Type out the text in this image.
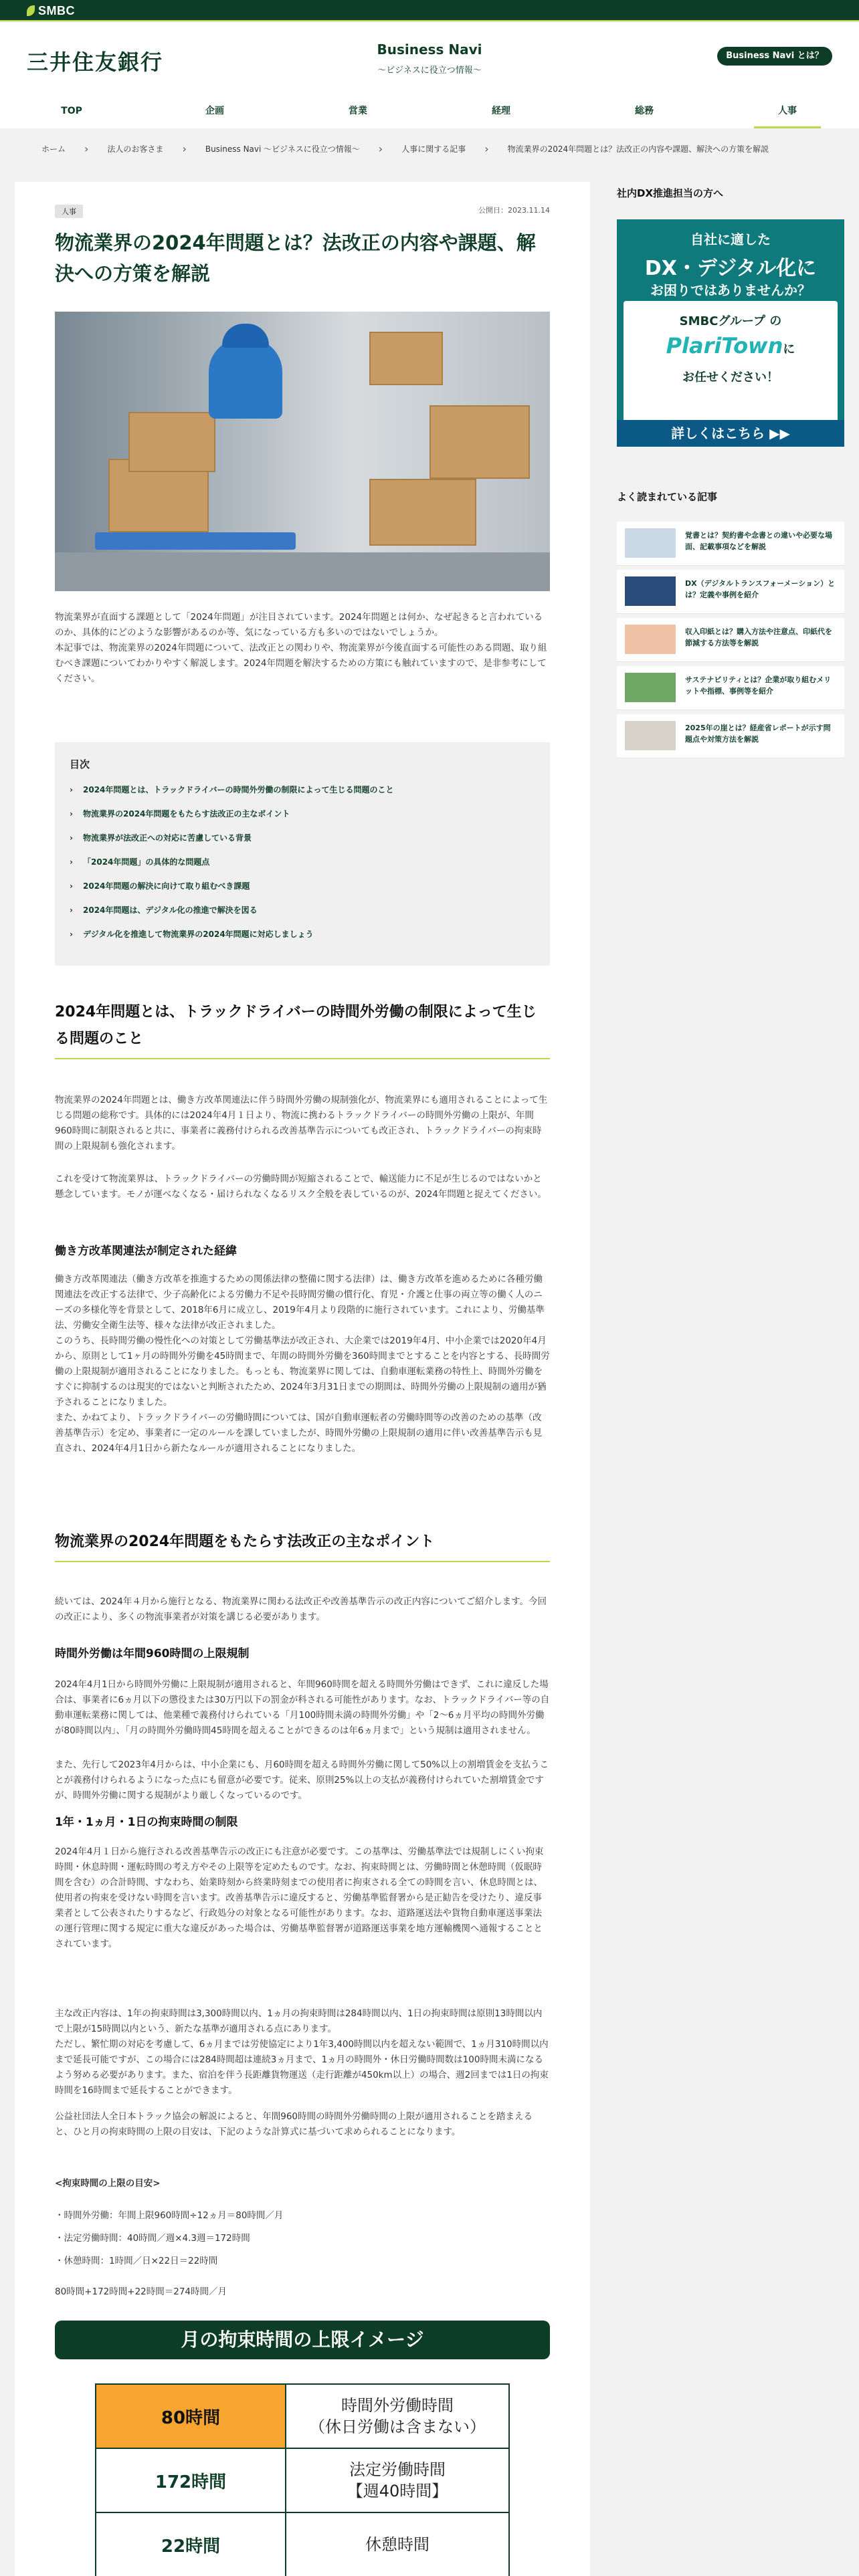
SMBC
三井住友銀行	Business Navi
〜ビジネスに役立つ情報〜
Business Navi とは？
TOP	企画	営業	経理	総務	人事
ホーム › 法人のお客さま › Business Navi 〜ビジネスに役立つ情報〜 › 人事に関する記事 › 物流業界の2024年問題とは？法改正の内容や課題、解決への方策を解説
人事	公開日：2023.11.14
物流業界の2024年問題とは？法改正の内容や課題、解決への方策を解説
物流業界が直面する課題として「2024年問題」が注目されています。2024年問題とは何か、なぜ起きると言われているのか、具体的にどのような影響があるのか等、気になっている方も多いのではないでしょうか。
本記事では、物流業界の2024年問題について、法改正との関わりや、物流業界が今後直面する可能性のある問題、取り組むべき課題についてわかりやすく解説します。2024年問題を解決するための方策にも触れていますので、是非参考にしてください。
目次
› 2024年問題とは、トラックドライバーの時間外労働の制限によって生じる問題のこと
› 物流業界の2024年問題をもたらす法改正の主なポイント
› 物流業界が法改正への対応に苦慮している背景
› 「2024年問題」の具体的な問題点
› 2024年問題の解決に向けて取り組むべき課題
› 2024年問題は、デジタル化の推進で解決を図る
› デジタル化を推進して物流業界の2024年問題に対応しましょう
2024年問題とは、トラックドライバーの時間外労働の制限によって生じる問題のこと
物流業界の2024年問題とは、働き方改革関連法に伴う時間外労働の規制強化が、物流業界にも適用されることによって生じる問題の総称です。具体的には2024年4月１日より、物流に携わるトラックドライバーの時間外労働の上限が、年間960時間に制限されると共に、事業者に義務付けられる改善基準告示についても改正され、トラックドライバーの拘束時間の上限規制も強化されます。
これを受けて物流業界は、トラックドライバーの労働時間が短縮されることで、輸送能力に不足が生じるのではないかと懸念しています。モノが運べなくなる・届けられなくなるリスク全般を表しているのが、2024年問題と捉えてください。
働き方改革関連法が制定された経緯
働き方改革関連法（働き方改革を推進するための関係法律の整備に関する法律）は、働き方改革を進めるために各種労働関連法を改正する法律で、少子高齢化による労働力不足や長時間労働の慣行化、育児・介護と仕事の両立等の働く人のニーズの多様化等を背景として、2018年6月に成立し、2019年4月より段階的に施行されています。これにより、労働基準法、労働安全衛生法等、様々な法律が改正されました。
このうち、長時間労働の慢性化への対策として労働基準法が改正され、大企業では2019年4月、中小企業では2020年4月から、原則として1ヶ月の時間外労働を45時間まで、年間の時間外労働を360時間までとすることを内容とする、長時間労働の上限規制が適用されることになりました。もっとも、物流業界に関しては、自動車運転業務の特性上、時間外労働をすぐに抑制するのは現実的ではないと判断されたため、2024年3月31日までの期間は、時間外労働の上限規制の適用が猶予されることになりました。
また、かねてより、トラックドライバーの労働時間については、国が自動車運転者の労働時間等の改善のための基準（改善基準告示）を定め、事業者に一定のルールを課していましたが、時間外労働の上限規制の適用に伴い改善基準告示も見直され、2024年4月1日から新たなルールが適用されることになりました。
物流業界の2024年問題をもたらす法改正の主なポイント
続いては、2024年４月から施行となる、物流業界に関わる法改正や改善基準告示の改正内容についてご紹介します。今回の改正により、多くの物流事業者が対策を講じる必要があります。
時間外労働は年間960時間の上限規制
2024年4月1日から時間外労働に上限規制が適用されると、年間960時間を超える時間外労働はできず、これに違反した場合は、事業者に6ヵ月以下の懲役または30万円以下の罰金が科される可能性があります。なお、トラックドライバー等の自動車運転業務に関しては、他業種で義務付けられている「月100時間未満の時間外労働」や「2〜6ヵ月平均の時間外労働が80時間以内」、「月の時間外労働時間45時間を超えることができるのは年6ヵ月まで」という規制は適用されません。
また、先行して2023年4月からは、中小企業にも、月60時間を超える時間外労働に関して50%以上の割増賃金を支払うことが義務付けられるようになった点にも留意が必要です。従来、原則25%以上の支払が義務付けられていた割増賃金ですが、時間外労働に関する規制がより厳しくなっているのです。
1年・1ヵ月・1日の拘束時間の制限
2024年4月１日から施行される改善基準告示の改正にも注意が必要です。この基準は、労働基準法では規制しにくい拘束時間・休息時間・運転時間の考え方やその上限等を定めたものです。なお、拘束時間とは、労働時間と休憩時間（仮眠時間を含む）の合計時間、すなわち、始業時刻から終業時刻までの使用者に拘束される全ての時間を言い、休息時間とは、使用者の拘束を受けない時間を言います。改善基準告示に違反すると、労働基準監督署から是正勧告を受けたり、違反事業者として公表されたりするなど、行政処分の対象となる可能性があります。なお、道路運送法や貨物自動車運送事業法の運行管理に関する規定に重大な違反があった場合は、労働基準監督署が道路運送事業を地方運輸機関へ通報することとされています。
主な改正内容は、1年の拘束時間は3,300時間以内、1ヵ月の拘束時間は284時間以内、1日の拘束時間は原則13時間以内で上限が15時間以内という、新たな基準が適用される点にあります。
ただし、繁忙期の対応を考慮して、6ヵ月までは労使協定により1年3,400時間以内を超えない範囲で、1ヵ月310時間以内まで延長可能ですが、この場合には284時間超は連続3ヵ月まで、1ヵ月の時間外・休日労働時間数は100時間未満になるよう努める必要があります。また、宿泊を伴う長距離貨物運送（走行距離が450km以上）の場合、週2回までは1日の拘束時間を16時間まで延長することができます。
公益社団法人全日本トラック協会の解説によると、年間960時間の時間外労働時間の上限が適用されることを踏まえると、ひと月の拘束時間の上限の目安は、下記のような計算式に基づいて求められることになります。
<拘束時間の上限の目安>
・時間外労働：年間上限960時間÷12ヵ月＝80時間／月
・法定労働時間：40時間／週×4.3週＝172時間
・休憩時間：1時間／日×22日＝22時間
80時間+172時間+22時間＝274時間／月
月の拘束時間の上限イメージ
80時間	時間外労働時間
（休日労働は含まない）
172時間	法定労働時間
【週40時間】
22時間	休憩時間
社内DX推進担当の方へ
自社に適した
DX・デジタル化に
お困りではありませんか？
SMBCグループ の
PlariTownに
お任せください！
詳しくはこちら ▶▶
よく読まれている記事
覚書とは？契約書や念書との違いや必要な場面、記載事項などを解説
DX（デジタルトランスフォーメーション）とは？定義や事例を紹介
収入印紙とは？購入方法や注意点、印紙代を節減する方法等を解説
サステナビリティとは？企業が取り組むメリットや指標、事例等を紹介
2025年の崖とは？経産省レポートが示す問題点や対策方法を解説
